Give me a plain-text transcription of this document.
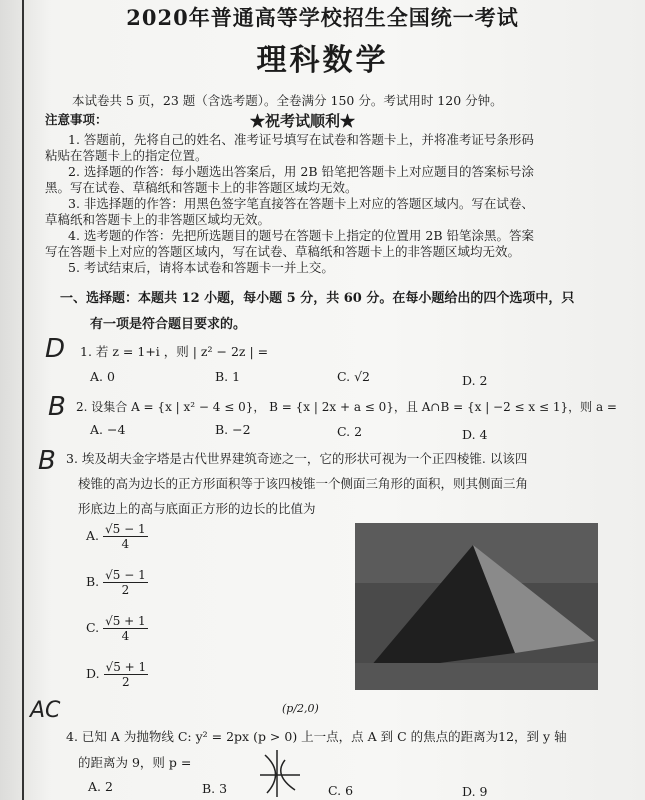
2020年普通高等学校招生全国统一考试
理科数学
本试卷共 5 页，23 题（含选考题）。全卷满分 150 分。考试用时 120 分钟。
注意事项：	★祝考试顺利★
1. 答题前，先将自己的姓名、准考证号填写在试卷和答题卡上，并将准考证号条形码
粘贴在答题卡上的指定位置。
2. 选择题的作答：每小题选出答案后，用 2B 铅笔把答题卡上对应题目的答案标号涂
黑。写在试卷、草稿纸和答题卡上的非答题区域均无效。
3. 非选择题的作答：用黑色签字笔直接答在答题卡上对应的答题区域内。写在试卷、
草稿纸和答题卡上的非答题区域均无效。
4. 选考题的作答：先把所选题目的题号在答题卡上指定的位置用 2B 铅笔涂黑。答案
写在答题卡上对应的答题区域内，写在试卷、草稿纸和答题卡上的非答题区域均无效。
5. 考试结束后，请将本试卷和答题卡一并上交。
一、选择题：本题共 12 小题，每小题 5 分，共 60 分。在每小题给出的四个选项中，只
有一项是符合题目要求的。
D 1. 若 z = 1+i ，则 | z² − 2z | =
A. 0	B. 1	C. √2	D. 2
B 2. 设集合 A = {x | x² − 4 ≤ 0}， B = {x | 2x + a ≤ 0}，且 A∩B = {x | −2 ≤ x ≤ 1}，则 a =
A. −4	B. −2	C. 2	D. 4
B 3. 埃及胡夫金字塔是古代世界建筑奇迹之一，它的形状可视为一个正四棱锥. 以该四
棱锥的高为边长的正方形面积等于该四棱锥一个侧面三角形的面积，则其侧面三角
形底边上的高与底面正方形的边长的比值为
A. $\frac{√5 - 1}{4}$
B. $\frac{√5 - 1}{2}$
C. $\frac{√5 + 1}{4}$
D. $\frac{√5 + 1}{2}$
AC	(p/2,0)
4. 已知 A 为抛物线 C: y² = 2px (p > 0) 上一点，点 A 到 C 的焦点的距离为12，到 y 轴
的距离为 9，则 p =
A. 2	B. 3	C. 6	D. 9
